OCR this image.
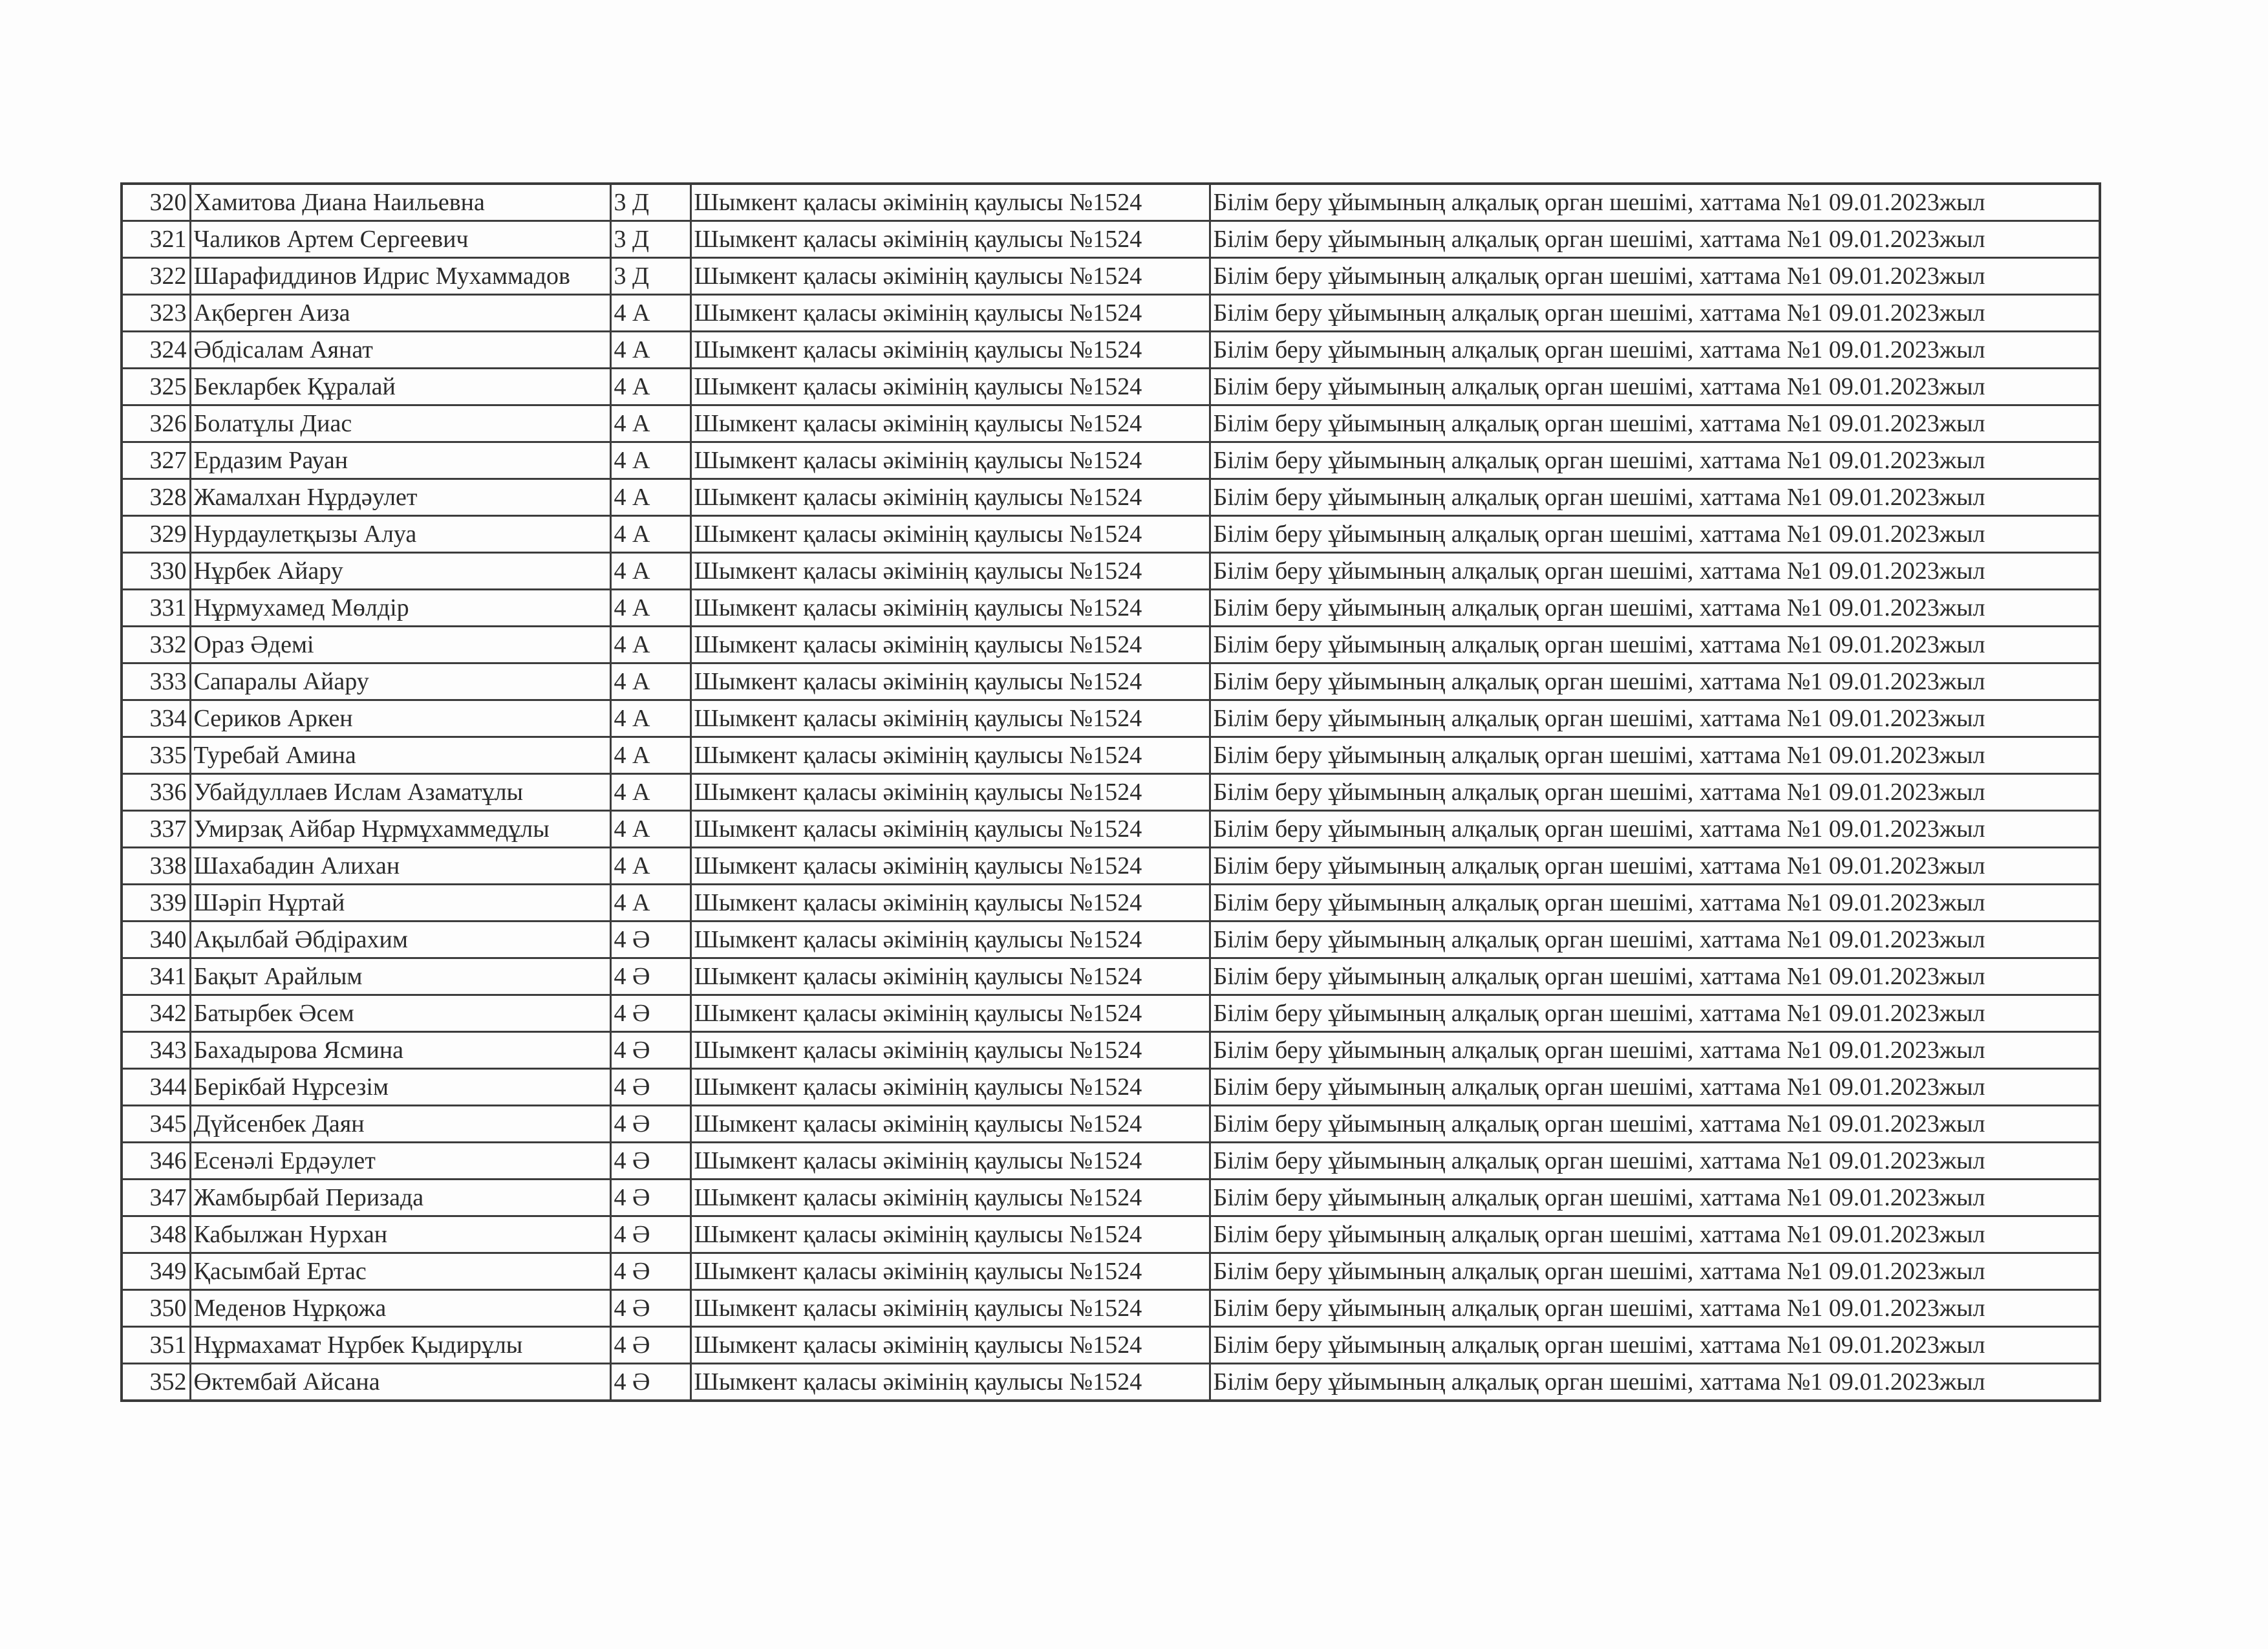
320	Хамитова Диана Наильевна	3 Д	Шымкент қаласы әкімінің қаулысы №1524	Білім беру ұйымының алқалық орган шешімі, хаттама №1 09.01.2023жыл
321	Чаликов Артем Сергеевич	3 Д	Шымкент қаласы әкімінің қаулысы №1524	Білім беру ұйымының алқалық орган шешімі, хаттама №1 09.01.2023жыл
322	Шарафиддинов Идрис Мухаммадов	3 Д	Шымкент қаласы әкімінің қаулысы №1524	Білім беру ұйымының алқалық орган шешімі, хаттама №1 09.01.2023жыл
323	Ақберген Аиза	4 А	Шымкент қаласы әкімінің қаулысы №1524	Білім беру ұйымының алқалық орган шешімі, хаттама №1 09.01.2023жыл
324	Әбдісалам Аянат	4 А	Шымкент қаласы әкімінің қаулысы №1524	Білім беру ұйымының алқалық орган шешімі, хаттама №1 09.01.2023жыл
325	Бекларбек Құралай	4 А	Шымкент қаласы әкімінің қаулысы №1524	Білім беру ұйымының алқалық орган шешімі, хаттама №1 09.01.2023жыл
326	Болатұлы Диас	4 А	Шымкент қаласы әкімінің қаулысы №1524	Білім беру ұйымының алқалық орган шешімі, хаттама №1 09.01.2023жыл
327	Ердазим Рауан	4 А	Шымкент қаласы әкімінің қаулысы №1524	Білім беру ұйымының алқалық орган шешімі, хаттама №1 09.01.2023жыл
328	Жамалхан Нұрдәулет	4 А	Шымкент қаласы әкімінің қаулысы №1524	Білім беру ұйымының алқалық орган шешімі, хаттама №1 09.01.2023жыл
329	Нурдаулетқызы Алуа	4 А	Шымкент қаласы әкімінің қаулысы №1524	Білім беру ұйымының алқалық орган шешімі, хаттама №1 09.01.2023жыл
330	Нұрбек Айару	4 А	Шымкент қаласы әкімінің қаулысы №1524	Білім беру ұйымының алқалық орган шешімі, хаттама №1 09.01.2023жыл
331	Нұрмухамед Мөлдір	4 А	Шымкент қаласы әкімінің қаулысы №1524	Білім беру ұйымының алқалық орган шешімі, хаттама №1 09.01.2023жыл
332	Ораз Әдемі	4 А	Шымкент қаласы әкімінің қаулысы №1524	Білім беру ұйымының алқалық орган шешімі, хаттама №1 09.01.2023жыл
333	Сапаралы Айару	4 А	Шымкент қаласы әкімінің қаулысы №1524	Білім беру ұйымының алқалық орган шешімі, хаттама №1 09.01.2023жыл
334	Сериков Аркен	4 А	Шымкент қаласы әкімінің қаулысы №1524	Білім беру ұйымының алқалық орган шешімі, хаттама №1 09.01.2023жыл
335	Туребай Амина	4 А	Шымкент қаласы әкімінің қаулысы №1524	Білім беру ұйымының алқалық орган шешімі, хаттама №1 09.01.2023жыл
336	Убайдуллаев Ислам Азаматұлы	4 А	Шымкент қаласы әкімінің қаулысы №1524	Білім беру ұйымының алқалық орган шешімі, хаттама №1 09.01.2023жыл
337	Умирзақ Айбар Нұрмұхаммедұлы	4 А	Шымкент қаласы әкімінің қаулысы №1524	Білім беру ұйымының алқалық орган шешімі, хаттама №1 09.01.2023жыл
338	Шахабадин Алихан	4 А	Шымкент қаласы әкімінің қаулысы №1524	Білім беру ұйымының алқалық орган шешімі, хаттама №1 09.01.2023жыл
339	Шәріп Нұртай	4 А	Шымкент қаласы әкімінің қаулысы №1524	Білім беру ұйымының алқалық орган шешімі, хаттама №1 09.01.2023жыл
340	Ақылбай Әбдірахим	4 Ә	Шымкент қаласы әкімінің қаулысы №1524	Білім беру ұйымының алқалық орган шешімі, хаттама №1 09.01.2023жыл
341	Бақыт Арайлым	4 Ә	Шымкент қаласы әкімінің қаулысы №1524	Білім беру ұйымының алқалық орган шешімі, хаттама №1 09.01.2023жыл
342	Батырбек Әсем	4 Ә	Шымкент қаласы әкімінің қаулысы №1524	Білім беру ұйымының алқалық орган шешімі, хаттама №1 09.01.2023жыл
343	Бахадырова Ясмина	4 Ә	Шымкент қаласы әкімінің қаулысы №1524	Білім беру ұйымының алқалық орган шешімі, хаттама №1 09.01.2023жыл
344	Берікбай Нұрсезім	4 Ә	Шымкент қаласы әкімінің қаулысы №1524	Білім беру ұйымының алқалық орган шешімі, хаттама №1 09.01.2023жыл
345	Дүйсенбек Даян	4 Ә	Шымкент қаласы әкімінің қаулысы №1524	Білім беру ұйымының алқалық орган шешімі, хаттама №1 09.01.2023жыл
346	Есенәлі Ердәулет	4 Ә	Шымкент қаласы әкімінің қаулысы №1524	Білім беру ұйымының алқалық орган шешімі, хаттама №1 09.01.2023жыл
347	Жамбырбай Перизада	4 Ә	Шымкент қаласы әкімінің қаулысы №1524	Білім беру ұйымының алқалық орган шешімі, хаттама №1 09.01.2023жыл
348	Кабылжан Нурхан	4 Ә	Шымкент қаласы әкімінің қаулысы №1524	Білім беру ұйымының алқалық орган шешімі, хаттама №1 09.01.2023жыл
349	Қасымбай Ертас	4 Ә	Шымкент қаласы әкімінің қаулысы №1524	Білім беру ұйымының алқалық орган шешімі, хаттама №1 09.01.2023жыл
350	Меденов Нұрқожа	4 Ә	Шымкент қаласы әкімінің қаулысы №1524	Білім беру ұйымының алқалық орган шешімі, хаттама №1 09.01.2023жыл
351	Нұрмахамат Нұрбек Қыдирұлы	4 Ә	Шымкент қаласы әкімінің қаулысы №1524	Білім беру ұйымының алқалық орган шешімі, хаттама №1 09.01.2023жыл
352	Өктембай Айсана	4 Ә	Шымкент қаласы әкімінің қаулысы №1524	Білім беру ұйымының алқалық орган шешімі, хаттама №1 09.01.2023жыл
